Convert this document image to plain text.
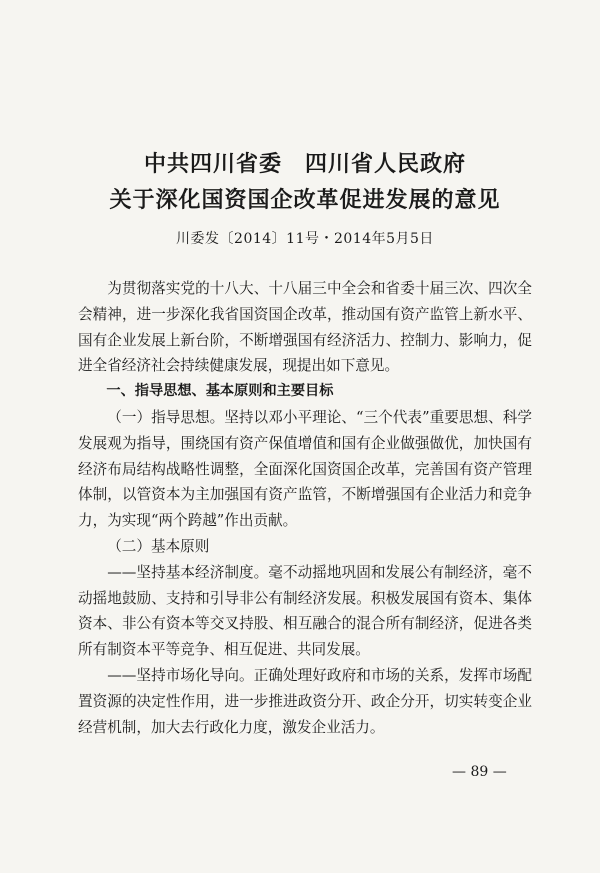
中共四川省委　四川省人民政府
关于深化国资国企改革促进发展的意见
川委发〔2014〕11号・2014年5月5日

为贯彻落实党的十八大、十八届三中全会和省委十届三次、四次全会精神，进一步深化我省国资国企改革，推动国有资产监管上新水平、国有企业发展上新台阶，不断增强国有经济活力、控制力、影响力，促进全省经济社会持续健康发展，现提出如下意见。

一、指导思想、基本原则和主要目标

（一）指导思想。坚持以邓小平理论、“三个代表”重要思想、科学发展观为指导，围绕国有资产保值增值和国有企业做强做优，加快国有经济布局结构战略性调整，全面深化国资国企改革，完善国有资产管理体制，以管资本为主加强国有资产监管，不断增强国有企业活力和竞争力，为实现“两个跨越”作出贡献。

（二）基本原则

——坚持基本经济制度。毫不动摇地巩固和发展公有制经济，毫不动摇地鼓励、支持和引导非公有制经济发展。积极发展国有资本、集体资本、非公有资本等交叉持股、相互融合的混合所有制经济，促进各类所有制资本平等竞争、相互促进、共同发展。

——坚持市场化导向。正确处理好政府和市场的关系，发挥市场配置资源的决定性作用，进一步推进政资分开、政企分开，切实转变企业经营机制，加大去行政化力度，激发企业活力。

— 89 —
